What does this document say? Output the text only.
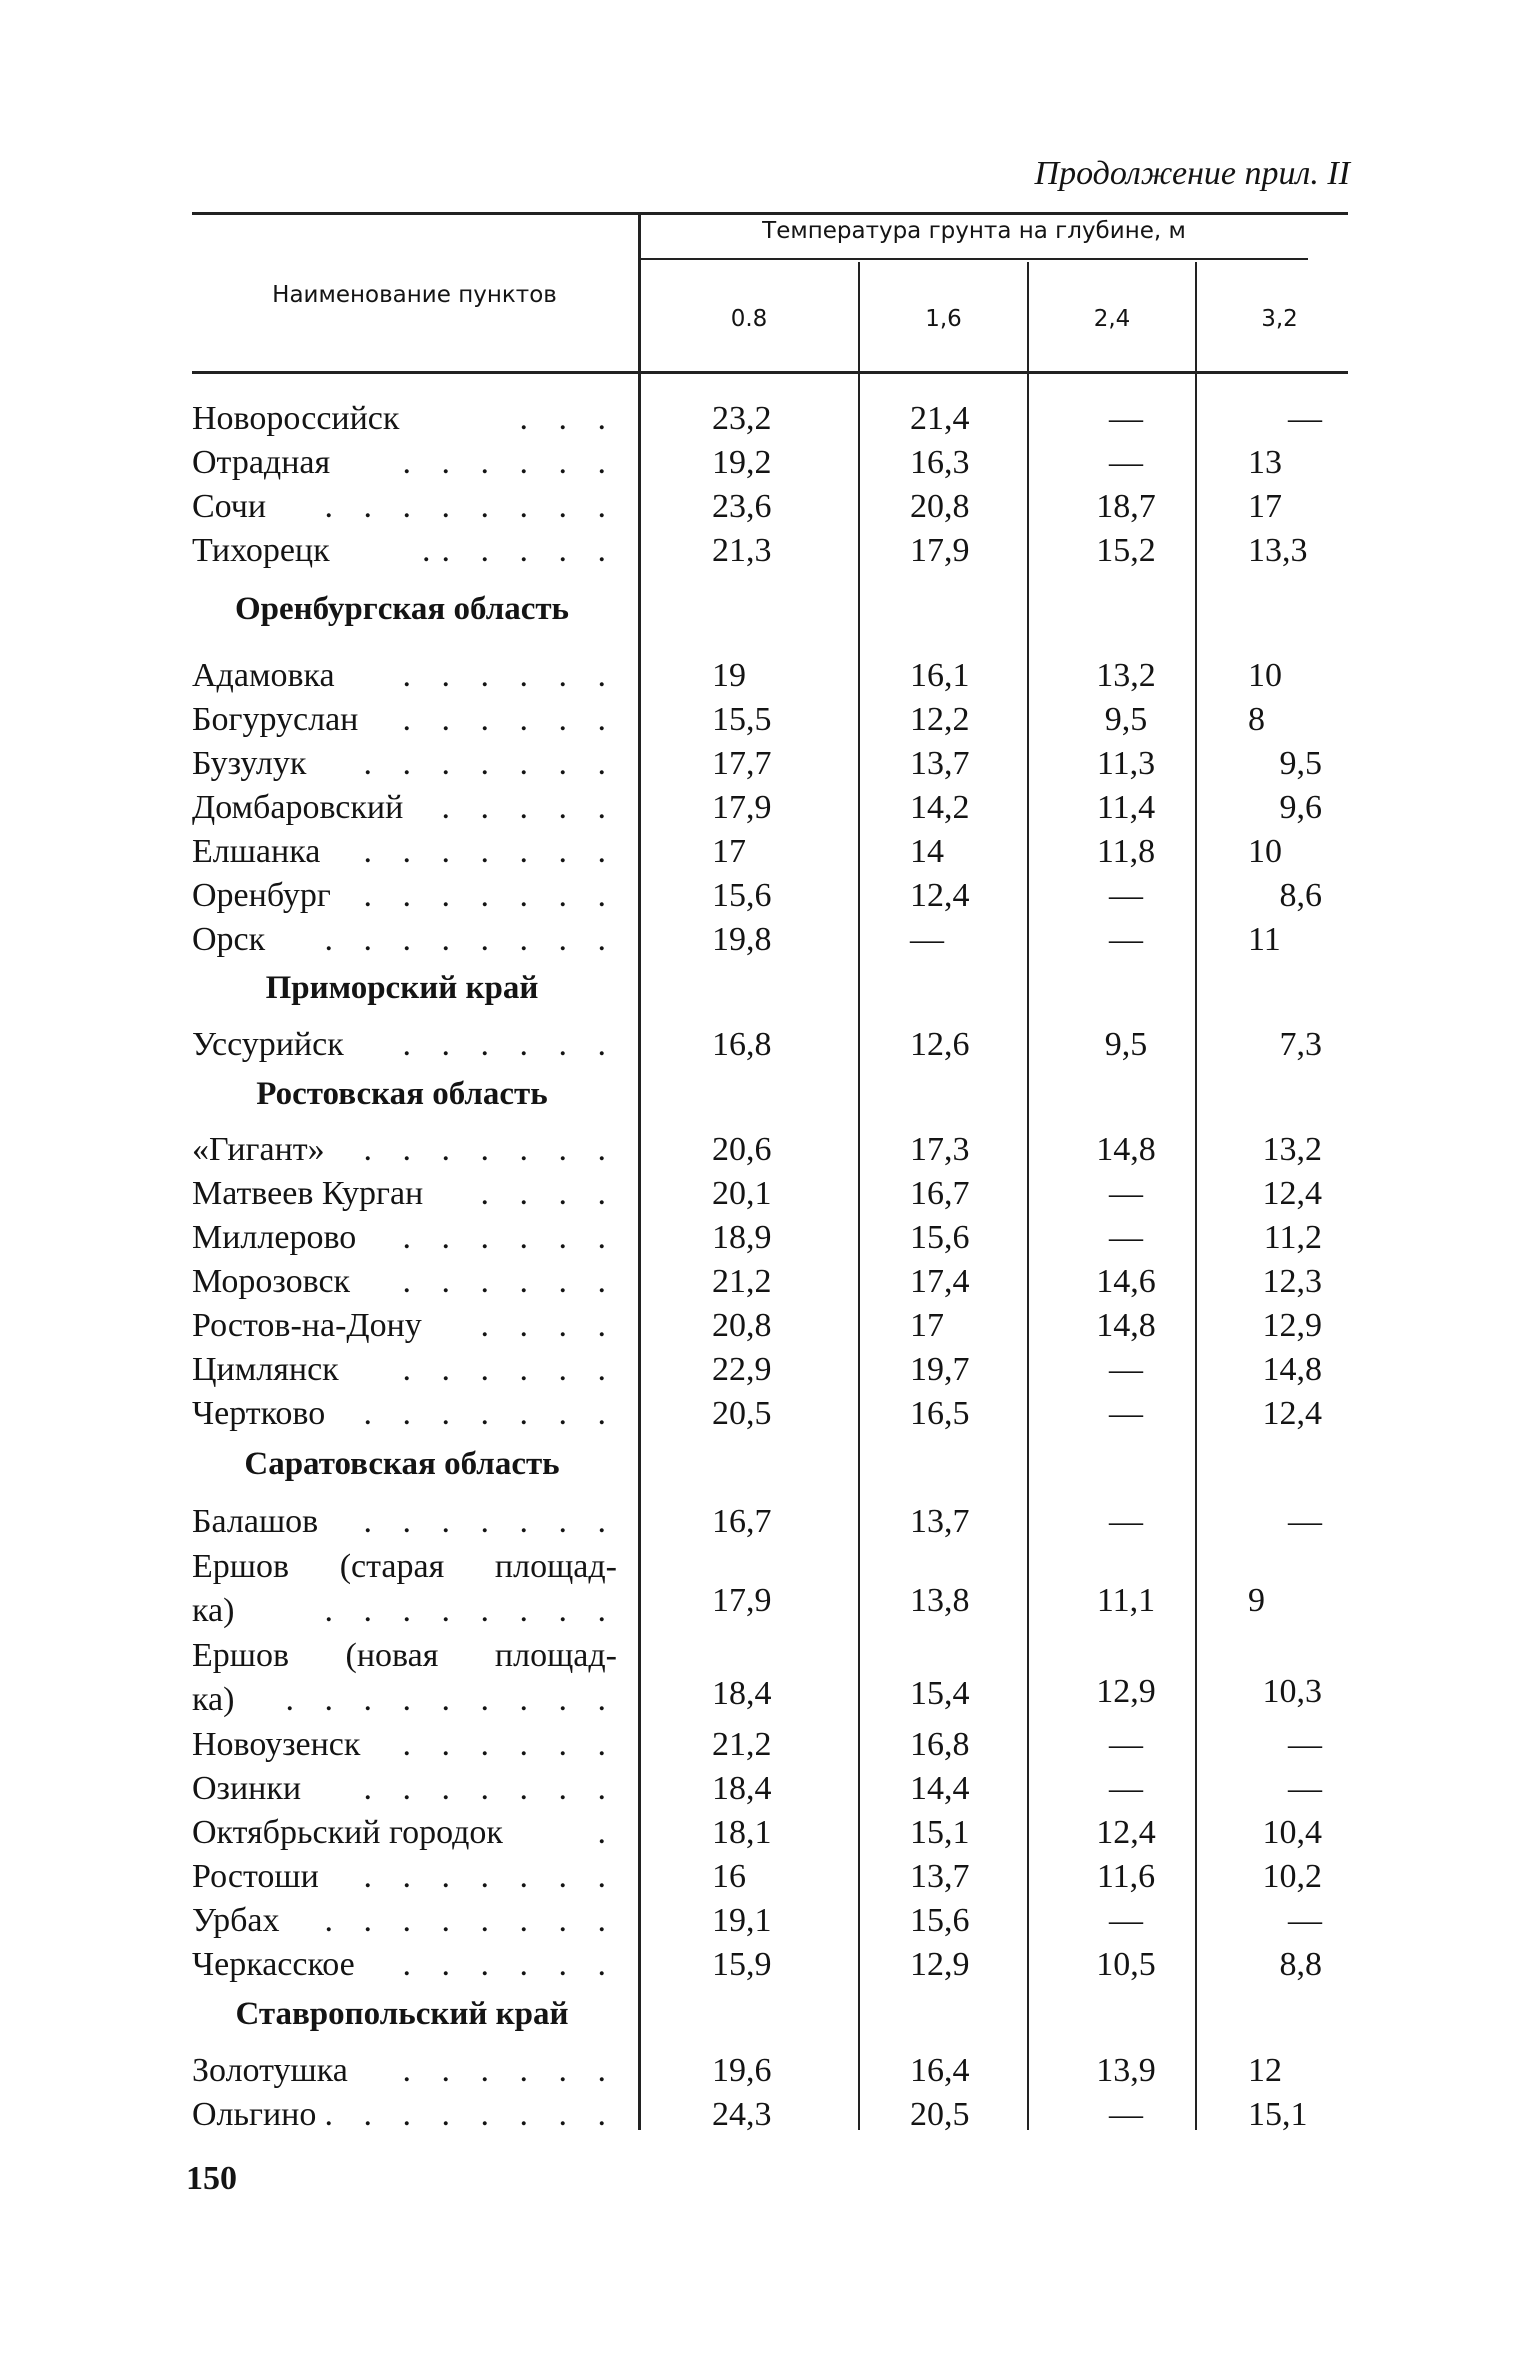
Продолжение прил. II
Наименование пунктов
Температура грунта на глубине, м
0.8	1,6	2,4	3,2
Новороссийск	. . .	23,2	21,4	—	—
Отрадная	. . . . . .	19,2	16,3	—	13
Сочи	. . . . . . . .	23,6	20,8	18,7	17
Тихорецк	. . . . ..	21,3	17,9	15,2	13,3
Оренбургская область
Адамовка	. . . . . .	19	16,1	13,2	10
Богуруслан	. . . . . .	15,5	12,2	9,5	8
Бузулук	. . . . . . .	17,7	13,7	11,3	9,5
Домбаровский	. . . . .	17,9	14,2	11,4	9,6
Елшанка	. . . . . . .	17	14	11,8	10
Оренбург . . . . . . .	15,6	12,4	—	8,6
Орск	. . . . . . . .	19,8	—	—	11
Приморский край
Уссурийск	. . . . . .	16,8	12,6	9,5	7,3
Ростовская область
«Гигант»	. . . . . . .	20,6	17,3	14,8	13,2
Матвеев Курган	. . . .	20,1	16,7	—	12,4
Миллерово	. . . . . .	18,9	15,6	—	11,2
Морозовск	. . . . . .	21,2	17,4	14,6	12,3
Ростов-на-Дону	. . . .	20,8	17	14,8	12,9
Цимлянск	. . . . . .	22,9	19,7	—	14,8
Чертково	. . . . . . .	20,5	16,5	—	12,4
Саратовская область
Балашов	. . . . . . .	16,7	13,7	—	—
Ершов (старая площад-
ка)	. . . . . . . .	17,9	13,8	11,1	9
Ершов (новая площад-
ка)	. . . . . . . . .	18,4	15,4	12,9	10,3
Новоузенск	. . . . . .	21,2	16,8	—	—
Озинки	. . . . . . .	18,4	14,4	—	—
Октябрьский городок	.	18,1	15,1	12,4	10,4
Ростоши	. . . . . . .	16	13,7	11,6	10,2
Урбах	. . . . . . . .	19,1	15,6	—	—
Черкасское	. . . . . .	15,9	12,9	10,5	8,8
Ставропольский край
Золотушка	. . . . . .	19,6	16,4	13,9	12
Ольгино . . . . . . . .	24,3	20,5	—	15,1
150
